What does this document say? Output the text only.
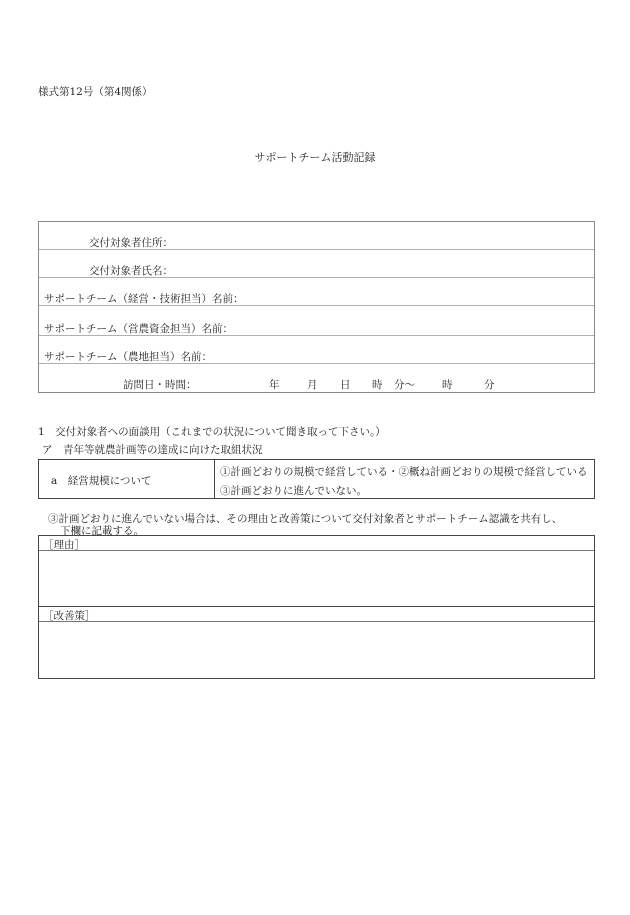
様式第12号（第4関係）
サポートチーム活動記録
交付対象者住所：
交付対象者氏名：
サポートチーム（経営・技術担当）名前：
サポートチーム（営農資金担当）名前：
サポートチーム（農地担当）名前：
訪問日・時間：	年	月 日 時 分〜	時	分
1　交付対象者への面談用（これまでの状況について聞き取って下さい。）
ア　青年等就農計画等の達成に向けた取組状況
a　経営規模について
①計画どおりの規模で経営している・②概ね計画どおりの規模で経営している
③計画どおりに進んでいない。
③計画どおりに進んでいない場合は、その理由と改善策について交付対象者とサポートチーム認識を共有し、
下欄に記載する。
［理由］
［改善策］
